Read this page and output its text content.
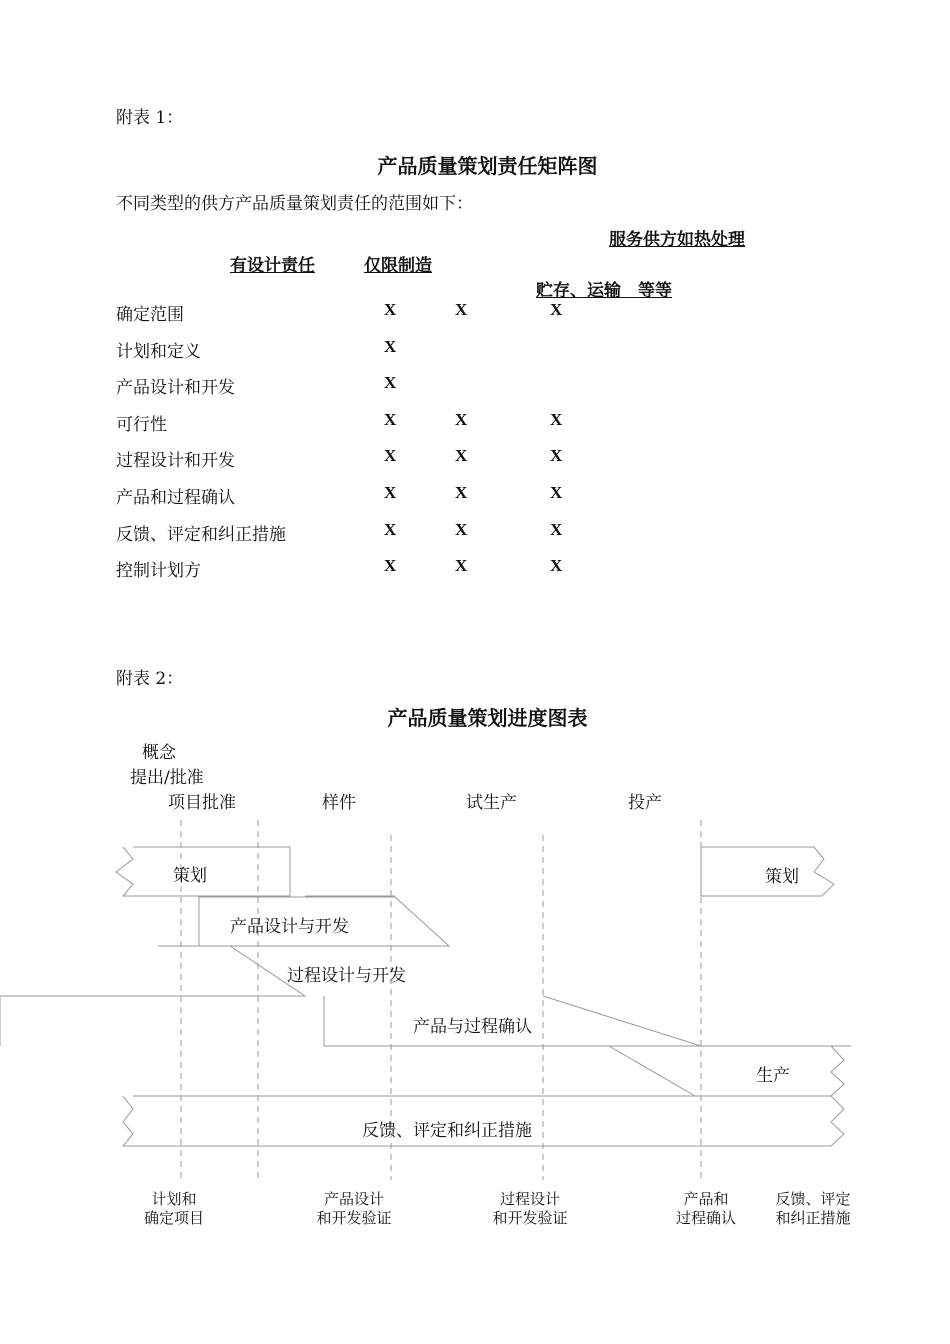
附表 1：
产品质量策划责任矩阵图
不同类型的供方产品质量策划责任的范围如下：
服务供方如热处理
有设计责任	仅限制造
贮存、运输　等等
确定范围	X	X	X
计划和定义	X
产品设计和开发	X
可行性	X	X	X
过程设计和开发	X	X	X
产品和过程确认	X	X	X
反馈、评定和纠正措施	X	X	X
控制计划方	X	X	X
附表 2：
产品质量策划进度图表
概念
提出/批准
项目批准	样件	试生产	投产
策划	策划
产品设计与开发
过程设计与开发
产品与过程确认
生产
反馈、评定和纠正措施
计划和
确定项目
产品设计
和开发验证
过程设计
和开发验证
产品和
过程确认
反馈、评定
和纠正措施
